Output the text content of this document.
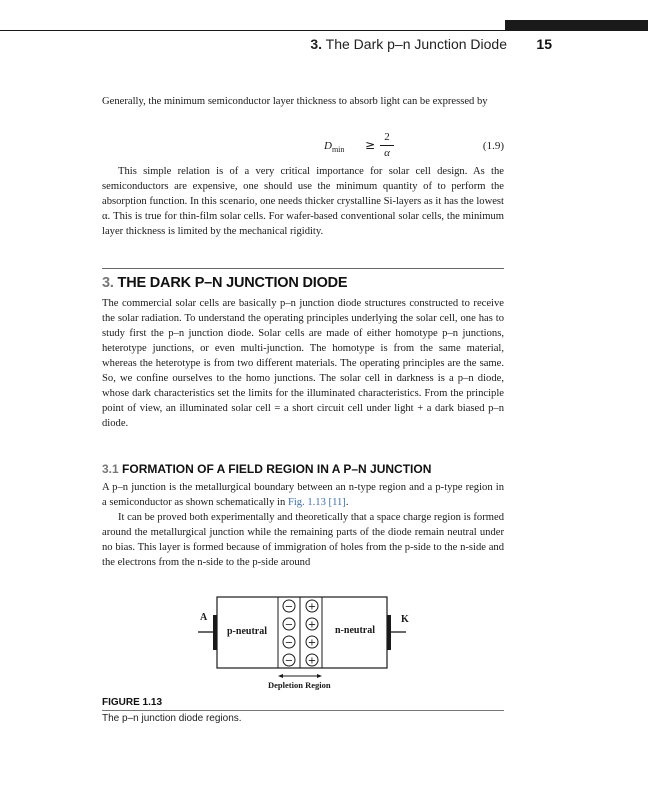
3. The Dark p–n Junction Diode	15

Generally, the minimum semiconductor layer thickness to absorb light can be expressed by

$D_{min}$ ≥
2
α
(1.9)

This simple relation is of a very critical importance for solar cell design. As the semiconductors are expensive, one should use the minimum quantity of to perform the absorption function. In this scenario, one needs thicker crystalline Si-layers as it has the lowest α. This is true for thin-film solar cells. For wafer-based conventional solar cells, the minimum layer thickness is limited by the mechanical rigidity.

3. THE DARK P–N JUNCTION DIODE

The commercial solar cells are basically p–n junction diode structures constructed to receive the solar radiation. To understand the operating principles underlying the solar cell, one has to study first the p–n junction diode. Solar cells are made of either homotype p–n junctions, heterotype junctions, or even multi-junction. The homotype is from the same material, whereas the heterotype is from two different materials. The operating principles are the same. So, we confine ourselves to the homo junctions. The solar cell in darkness is a p–n diode, whose dark characteristics set the limits for the illuminated characteristics. From the principle point of view, an illuminated solar cell = a short circuit cell under light + a dark biased p–n diode.

3.1 FORMATION OF A FIELD REGION IN A P–N JUNCTION

A p–n junction is the metallurgical boundary between an n-type region and a p-type region in a semiconductor as shown schematically in Fig. 1.13 [11].

It can be proved both experimentally and theoretically that a space charge region is formed around the metallurgical junction while the remaining parts of the diode remain neutral under no bias. This layer is formed because of immigration of holes from the p-side to the n-side and the electrons from the n-side to the p-side around

−
−
−
−
+
+
+
+
A	K
p-neutral	n-neutral
Depletion Region
FIGURE 1.13
The p–n junction diode regions.
